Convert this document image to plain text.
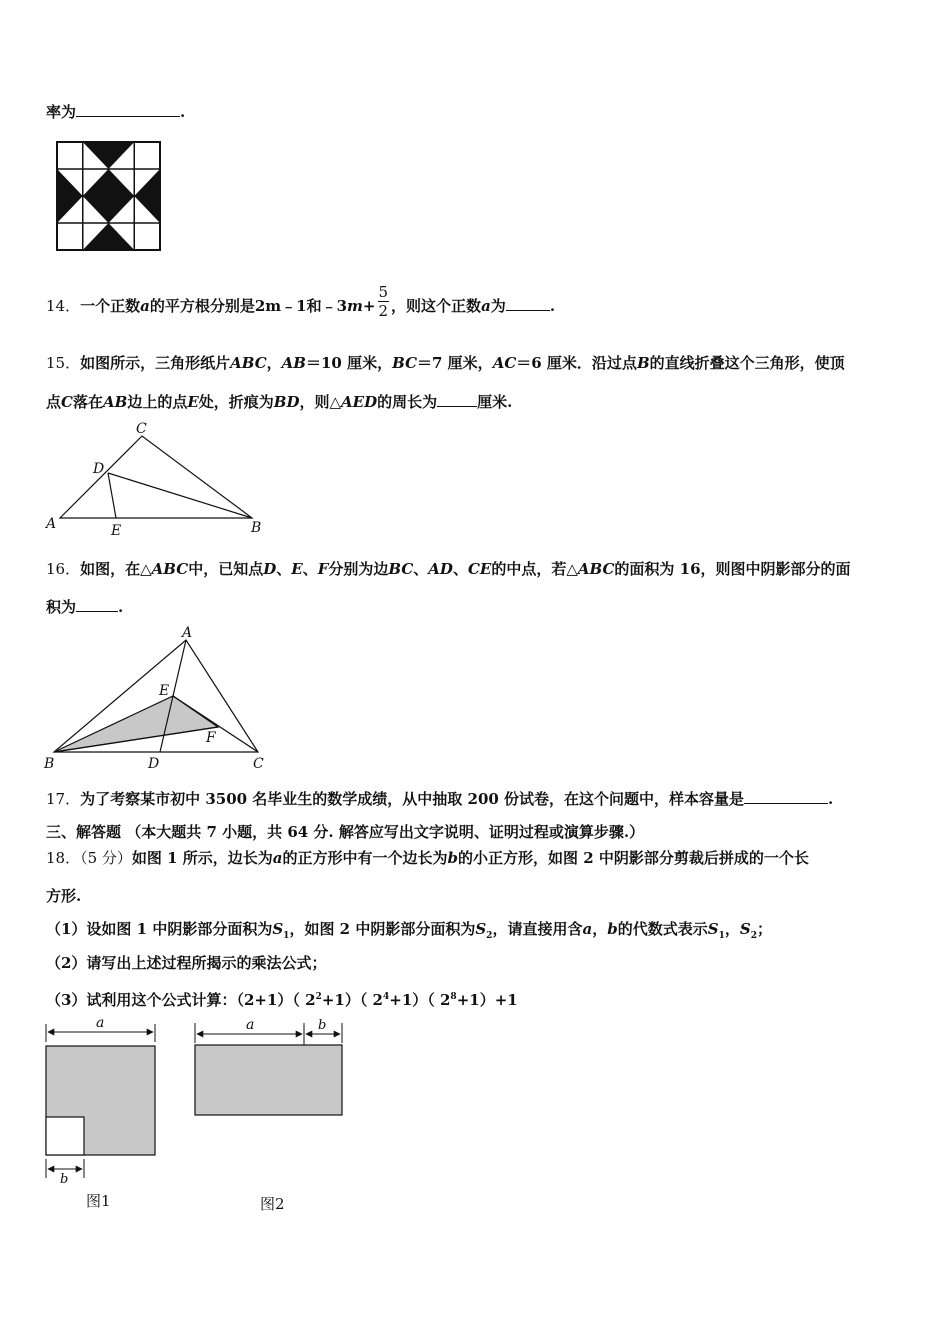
率为	.
14．一个正数a的平方根分别是2m﹣1和﹣3m+ $\frac{5}{2}$ ，则这个正数a为	.
15．如图所示，三角形纸片ABC，AB＝10 厘米，BC＝7 厘米，AC＝6 厘米．沿过点B的直线折叠这个三角形，使顶
点C落在AB边上的点E处，折痕为BD，则△AED的周长为	厘米.
A	B
C
D
E
16．如图，在△ABC中，已知点D、E、F分别为边BC、AD、CE的中点，若△ABC的面积为 16，则图中阴影部分的面
积为	.
A
B	C
D
E
F
17．为了考察某市初中 3500 名毕业生的数学成绩，从中抽取 200 份试卷，在这个问题中，样本容量是	.
三、解答题 （本大题共 7 小题，共 64 分. 解答应写出文字说明、证明过程或演算步骤.）
18．（5 分）如图 1 所示，边长为a的正方形中有一个边长为b的小正方形，如图 2 中阴影部分剪裁后拼成的一个长
方形.
（1）设如图 1 中阴影部分面积为$S_1$，如图 2 中阴影部分面积为$S_2$，请直接用含a，b的代数式表示$S_1$，$S_2$；
（2）请写出上述过程所揭示的乘法公式；
（3）试利用这个公式计算：（2+1）（ $2^2+1$）（ $2^4+1$）（ $2^8+1)+1$
a
b
图1
a	b
图2
